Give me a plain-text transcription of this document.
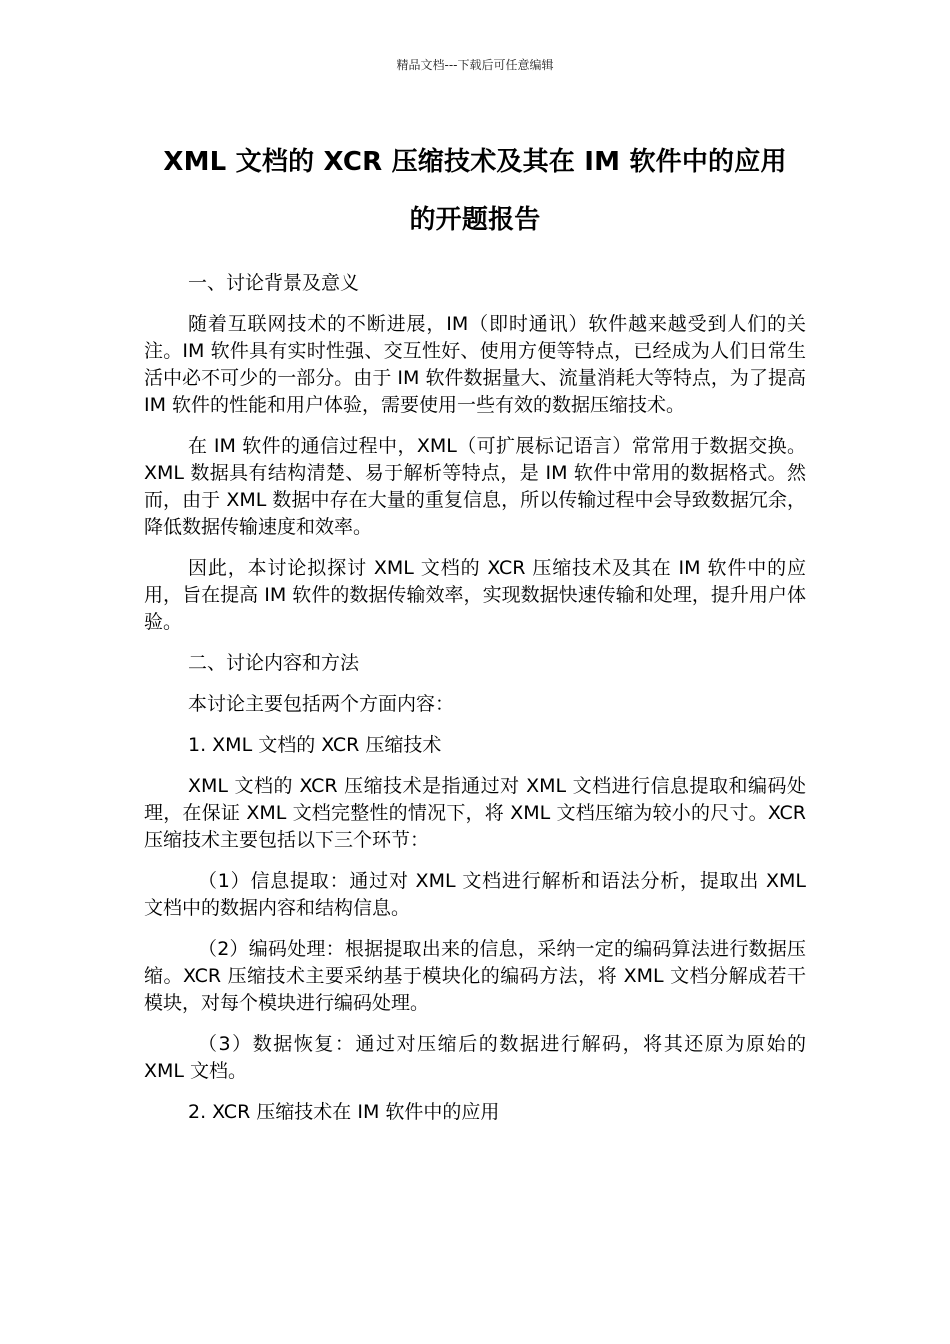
精品文档---下载后可任意编辑
XML 文档的 XCR 压缩技术及其在 IM 软件中的应用
的开题报告

一、讨论背景及意义

随着互联网技术的不断进展，IM（即时通讯）软件越来越受到人们的关注。IM 软件具有实时性强、交互性好、使用方便等特点，已经成为人们日常生活中必不可少的一部分。由于 IM 软件数据量大、流量消耗大等特点，为了提高 IM 软件的性能和用户体验，需要使用一些有效的数据压缩技术。

在 IM 软件的通信过程中，XML（可扩展标记语言）常常用于数据交换。XML 数据具有结构清楚、易于解析等特点，是 IM 软件中常用的数据格式。然而，由于 XML 数据中存在大量的重复信息，所以传输过程中会导致数据冗余，降低数据传输速度和效率。

因此，本讨论拟探讨 XML 文档的 XCR 压缩技术及其在 IM 软件中的应用，旨在提高 IM 软件的数据传输效率，实现数据快速传输和处理，提升用户体验。

二、讨论内容和方法

本讨论主要包括两个方面内容：

1. XML 文档的 XCR 压缩技术

XML 文档的 XCR 压缩技术是指通过对 XML 文档进行信息提取和编码处理，在保证 XML 文档完整性的情况下，将 XML 文档压缩为较小的尺寸。XCR 压缩技术主要包括以下三个环节：

（1）信息提取：通过对 XML 文档进行解析和语法分析，提取出 XML 文档中的数据内容和结构信息。

（2）编码处理：根据提取出来的信息，采纳一定的编码算法进行数据压缩。XCR 压缩技术主要采纳基于模块化的编码方法，将 XML 文档分解成若干模块，对每个模块进行编码处理。

（3）数据恢复：通过对压缩后的数据进行解码，将其还原为原始的 XML 文档。

2. XCR 压缩技术在 IM 软件中的应用
